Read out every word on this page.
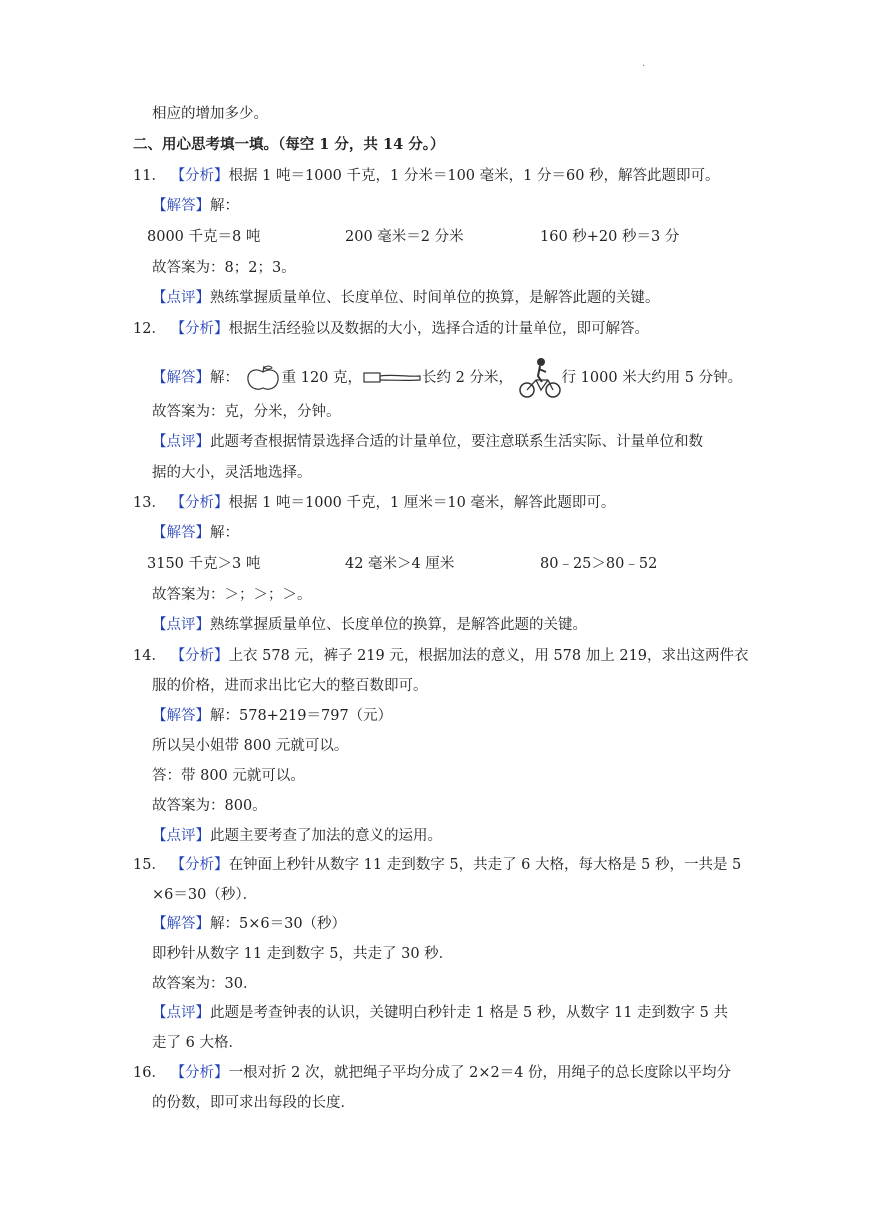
.
相应的增加多少。
二、用心思考填一填。（每空 1 分，共 14 分。）
11． 【分析】根据 1 吨＝1000 千克，1 分米＝100 毫米，1 分＝60 秒，解答此题即可。
【解答】解：
8000 千克＝8 吨	200 毫米＝2 分米	160 秒+20 秒＝3 分
故答案为：8；2；3。
【点评】熟练掌握质量单位、长度单位、时间单位的换算，是解答此题的关键。
12． 【分析】根据生活经验以及数据的大小，选择合适的计量单位，即可解答。
【解答】解：	重 120 克，	长约 2 分米，	行 1000 米大约用 5 分钟。
故答案为：克，分米，分钟。
【点评】此题考查根据情景选择合适的计量单位，要注意联系生活实际、计量单位和数
据的大小，灵活地选择。
13． 【分析】根据 1 吨＝1000 千克，1 厘米＝10 毫米，解答此题即可。
【解答】解：
3150 千克＞3 吨	42 毫米＞4 厘米	80﹣25＞80﹣52
故答案为：＞；＞；＞。
【点评】熟练掌握质量单位、长度单位的换算，是解答此题的关键。
14． 【分析】上衣 578 元，裤子 219 元，根据加法的意义，用 578 加上 219，求出这两件衣
服的价格，进而求出比它大的整百数即可。
【解答】解：578+219＝797（元）
所以吴小姐带 800 元就可以。
答：带 800 元就可以。
故答案为：800。
【点评】此题主要考查了加法的意义的运用。
15． 【分析】在钟面上秒针从数字 11 走到数字 5，共走了 6 大格，每大格是 5 秒，一共是 5
×6＝30（秒）．
【解答】解：5×6＝30（秒）
即秒针从数字 11 走到数字 5，共走了 30 秒．
故答案为：30．
【点评】此题是考查钟表的认识，关键明白秒针走 1 格是 5 秒，从数字 11 走到数字 5 共
走了 6 大格．
16． 【分析】一根对折 2 次，就把绳子平均分成了 2×2＝4 份，用绳子的总长度除以平均分
的份数，即可求出每段的长度．
